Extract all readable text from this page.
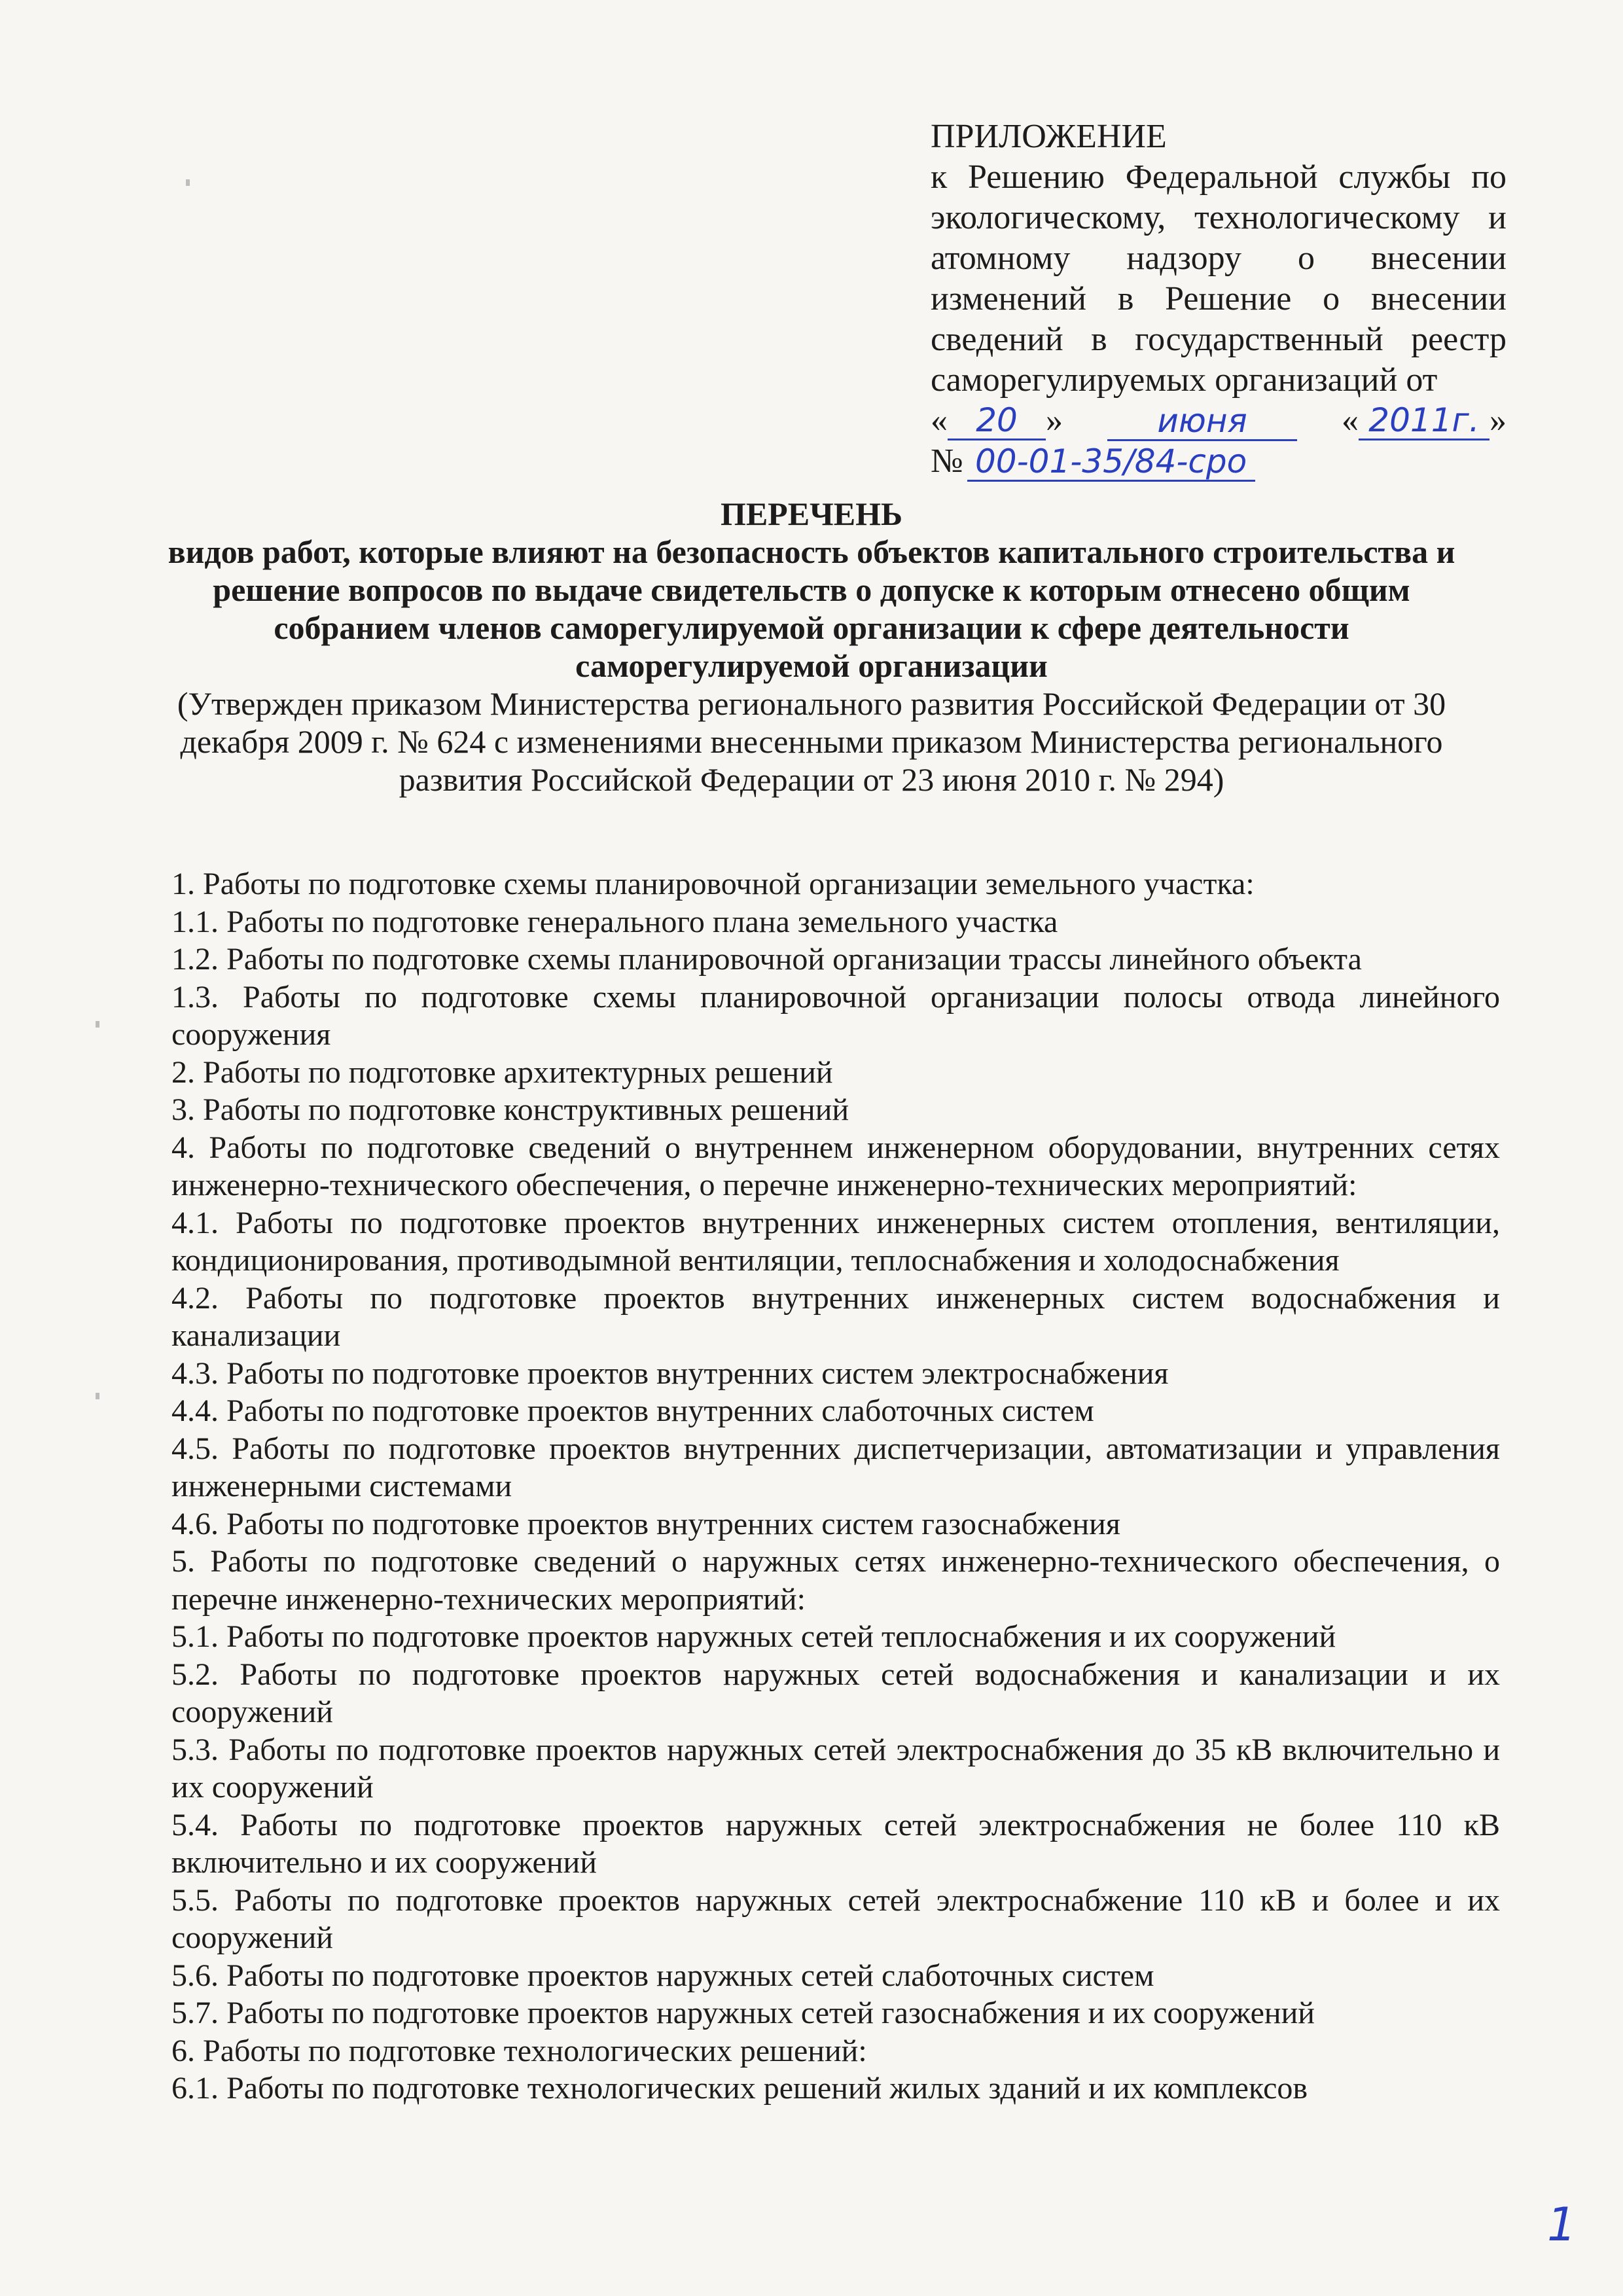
ПРИЛОЖЕНИЕ
к Решению Федеральной службы по экологическому, технологическому и атомному надзору о внесении изменений в Решение о внесении сведений в государственный реестр саморегулируемых организаций от
« 20 »	июня	« 2011г. »
№ 00-01-35/84-сро
ПЕРЕЧЕНЬ
видов работ, которые влияют на безопасность объектов капитального строительства и решение вопросов по выдаче свидетельств о допуске к которым отнесено общим собранием членов саморегулируемой организации к сфере деятельности саморегулируемой организации
(Утвержден приказом Министерства регионального развития Российской Федерации от 30 декабря 2009 г. № 624 с изменениями внесенными приказом Министерства регионального развития Российской Федерации от 23 июня 2010 г. № 294)

1. Работы по подготовке схемы планировочной организации земельного участка:

1.1. Работы по подготовке генерального плана земельного участка

1.2. Работы по подготовке схемы планировочной организации трассы линейного объекта

1.3. Работы по подготовке схемы планировочной организации полосы отвода линейного сооружения

2. Работы по подготовке архитектурных решений

3. Работы по подготовке конструктивных решений

4. Работы по подготовке сведений о внутреннем инженерном оборудовании, внутренних сетях инженерно-технического обеспечения, о перечне инженерно-технических мероприятий:

4.1. Работы по подготовке проектов внутренних инженерных систем отопления, вентиляции, кондиционирования, противодымной вентиляции, теплоснабжения и холодоснабжения

4.2. Работы по подготовке проектов внутренних инженерных систем водоснабжения и канализации

4.3. Работы по подготовке проектов внутренних систем электроснабжения

4.4. Работы по подготовке проектов внутренних слаботочных систем

4.5. Работы по подготовке проектов внутренних диспетчеризации, автоматизации и управления инженерными системами

4.6. Работы по подготовке проектов внутренних систем газоснабжения

5. Работы по подготовке сведений о наружных сетях инженерно-технического обеспечения, о перечне инженерно-технических мероприятий:

5.1. Работы по подготовке проектов наружных сетей теплоснабжения и их сооружений

5.2. Работы по подготовке проектов наружных сетей водоснабжения и канализации и их сооружений

5.3. Работы по подготовке проектов наружных сетей электроснабжения до 35 кВ включительно и их сооружений

5.4. Работы по подготовке проектов наружных сетей электроснабжения не более 110 кВ включительно и их сооружений

5.5. Работы по подготовке проектов наружных сетей электроснабжение 110 кВ и более и их сооружений

5.6. Работы по подготовке проектов наружных сетей слаботочных систем

5.7. Работы по подготовке проектов наружных сетей газоснабжения и их сооружений

6. Работы по подготовке технологических решений:

6.1. Работы по подготовке технологических решений жилых зданий и их комплексов

1
